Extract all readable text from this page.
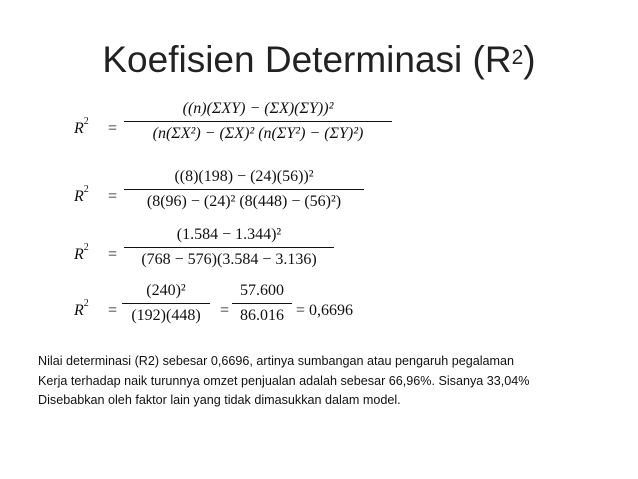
Koefisien Determinasi $(R^2)$
$R^2$ =
((n)(ΣXY) − (ΣX)(ΣY))²
(n(ΣX²) − (ΣX)² (n(ΣY²) − (ΣY)²)
$R^2$ =
((8)(198) − (24)(56))²
(8(96) − (24)² (8(448) − (56)²)
$R^2$ =
(1.584 − 1.344)²
(768 − 576)(3.584 − 3.136)
$R^2$ =
(240)²
(192)(448)	=
57.600
86.016 = 0,6696
Nilai determinasi (R2) sebesar 0,6696, artinya sumbangan atau pengaruh pegalaman
Kerja terhadap naik turunnya omzet penjualan adalah sebesar 66,96%. Sisanya 33,04%
Disebabkan oleh faktor lain yang tidak dimasukkan dalam model.
